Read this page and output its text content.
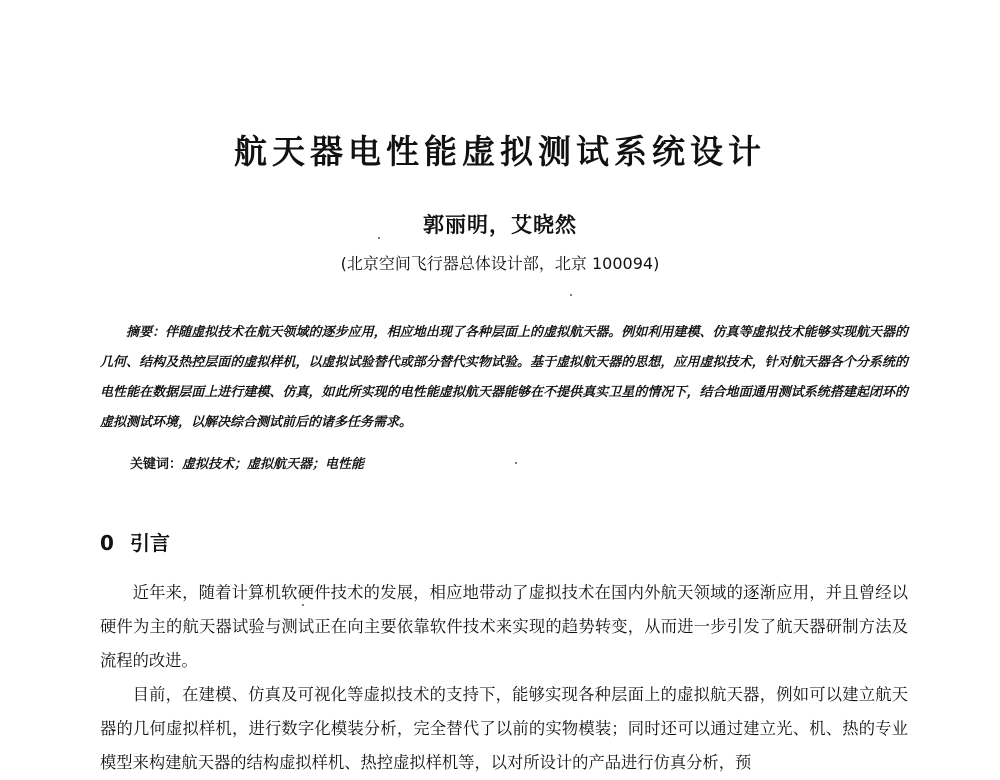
航天器电性能虚拟测试系统设计
郭丽明，艾晓然
(北京空间飞行器总体设计部，北京 100094)
摘要：伴随虚拟技术在航天领域的逐步应用，相应地出现了各种层面上的虚拟航天器。例如利用建模、仿真等虚拟技术能够实现航天器的几何、结构及热控层面的虚拟样机，以虚拟试验替代或部分替代实物试验。基于虚拟航天器的思想，应用虚拟技术，针对航天器各个分系统的电性能在数据层面上进行建模、仿真，如此所实现的电性能虚拟航天器能够在不提供真实卫星的情况下，结合地面通用测试系统搭建起闭环的虚拟测试环境，以解决综合测试前后的诸多任务需求。
关键词：虚拟技术；虚拟航天器；电性能
0 引言

近年来，随着计算机软硬件技术的发展，相应地带动了虚拟技术在国内外航天领域的逐渐应用，并且曾经以硬件为主的航天器试验与测试正在向主要依靠软件技术来实现的趋势转变，从而进一步引发了航天器研制方法及流程的改进。

目前，在建模、仿真及可视化等虚拟技术的支持下，能够实现各种层面上的虚拟航天器，例如可以建立航天器的几何虚拟样机，进行数字化模装分析，完全替代了以前的实物模装；同时还可以通过建立光、机、热的专业模型来构建航天器的结构虚拟样机、热控虚拟样机等，以对所设计的产品进行仿真分析，预
